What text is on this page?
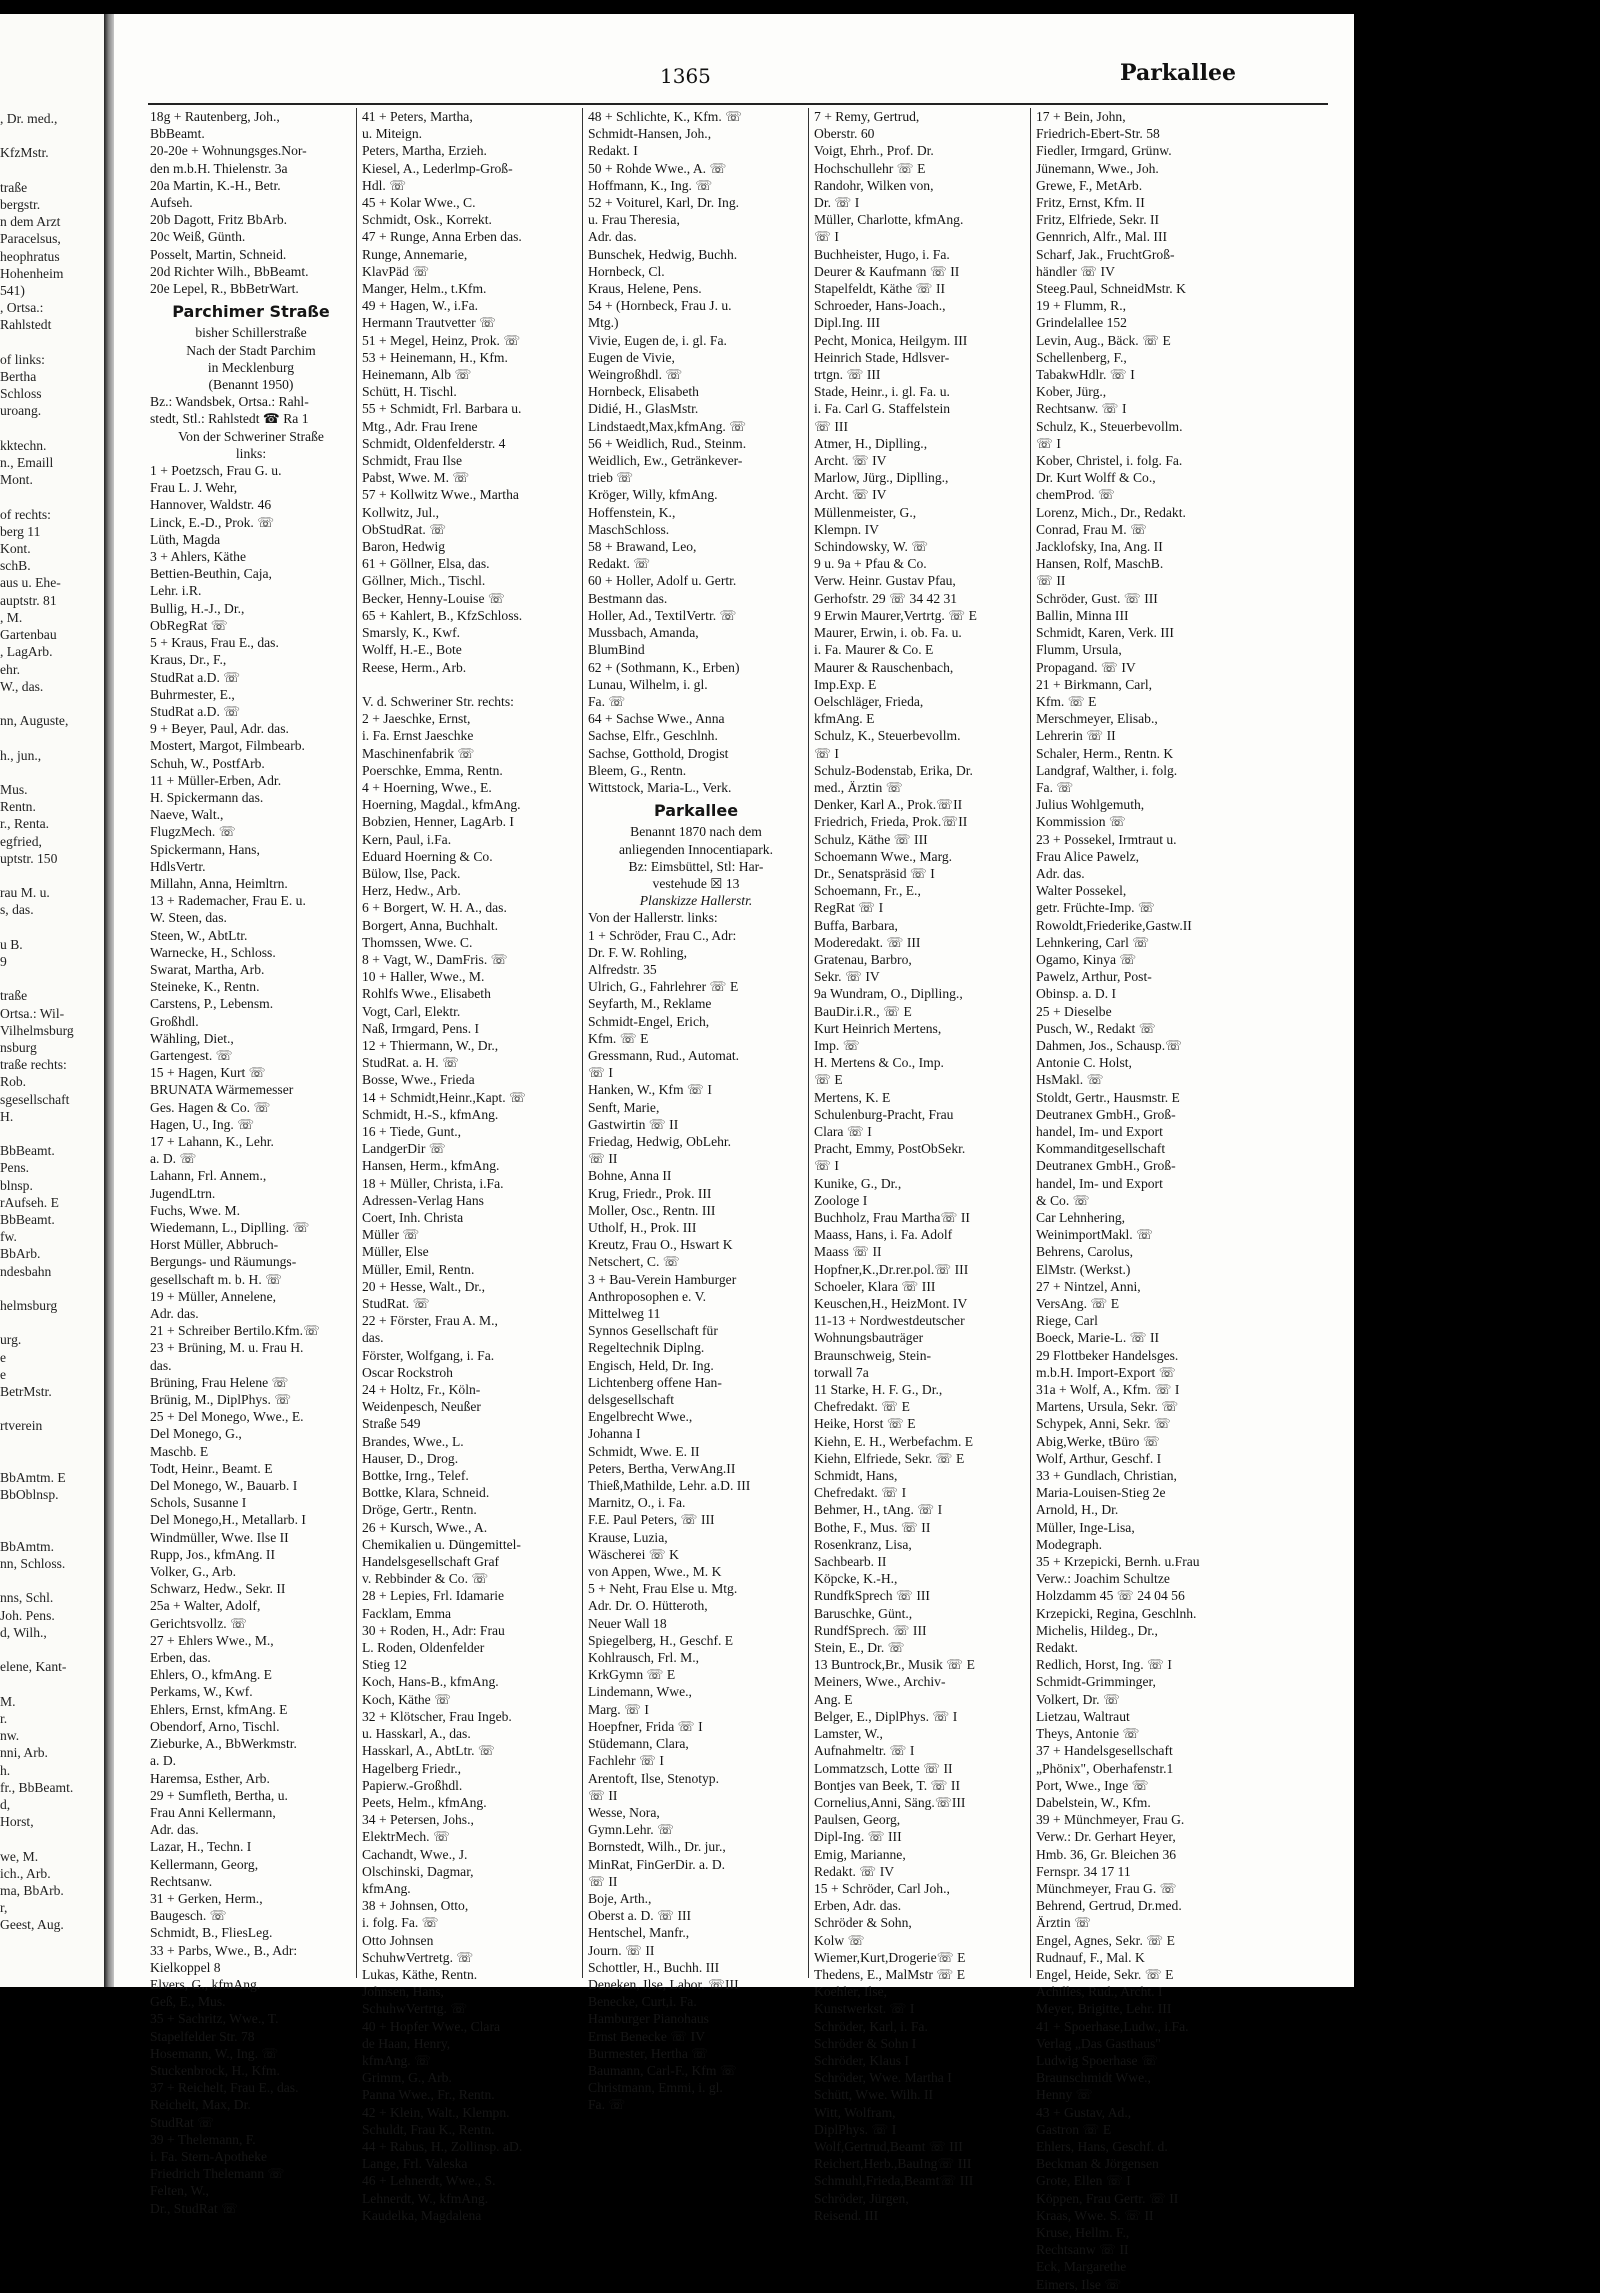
, Dr. med.,

KfzMstr.

traße
bergstr.
n dem Arzt
Paracelsus,
heophratus
Hohenheim
541)
, Ortsa.:
Rahlstedt

of links:
Bertha
Schloss
uroang.

kktechn.
n., Emaill
Mont.

of rechts:
berg 11
Kont.
schB.
aus u. Ehe-
auptstr. 81
, M.
Gartenbau
, LagArb.
ehr.
W., das.

nn, Auguste,

h., jun.,

Mus.
Rentn.
r., Renta.
egfried,
uptstr. 150

rau M. u.
s, das.

u B.
9

traße
Ortsa.: Wil-
Vilhelmsburg
nsburg
traße rechts:
Rob.
sgesellschaft
H.

BbBeamt.
Pens.
blnsp.
rAufseh. E
BbBeamt.
fw.
BbArb.
ndesbahn

helmsburg

urg.
e
e
BetrMstr.

rtverein

BbAmtm. E
BbOblnsp.

BbAmtm.
nn, Schloss.

nns, Schl.
Joh. Pens.
d, Wilh.,

elene, Kant-

M.
r.
nw.
nni, Arb.
h.
fr., BbBeamt.
d,
Horst,

we, M.
ich., Arb.
ma, BbArb.
r,
Geest, Aug.
1365	Parkallee
18g + Rautenberg, Joh.,
BbBeamt.
20-20e + Wohnungsges.Nor-
den m.b.H. Thielenstr. 3a
20a Martin, K.-H., Betr.
Aufseh.
20b Dagott, Fritz BbArb.
20c Weiß, Günth.
Posselt, Martin, Schneid.
20d Richter Wilh., BbBeamt.
20e Lepel, R., BbBetrWart.
Parchimer Straße
bisher Schillerstraße
Nach der Stadt Parchim
in Mecklenburg
(Benannt 1950)
Bz.: Wandsbek, Ortsa.: Rahl-
stedt, Stl.: Rahlstedt ☎ Ra 1
Von der Schweriner Straße
links:
1 + Poetzsch, Frau G. u.
Frau L. J. Wehr,
Hannover, Waldstr. 46
Linck, E.-D., Prok. ☏
Lüth, Magda
3 + Ahlers, Käthe
Bettien-Beuthin, Caja,
Lehr. i.R.
Bullig, H.-J., Dr.,
ObRegRat ☏
5 + Kraus, Frau E., das.
Kraus, Dr., F.,
StudRat a.D. ☏
Buhrmester, E.,
StudRat a.D. ☏
9 + Beyer, Paul, Adr. das.
Mostert, Margot, Filmbearb.
Schuh, W., PostfArb.
11 + Müller-Erben, Adr.
H. Spickermann das.
Naeve, Walt.,
FlugzMech. ☏
Spickermann, Hans,
HdlsVertr.
Millahn, Anna, Heimltrn.
13 + Rademacher, Frau E. u.
W. Steen, das.
Steen, W., AbtLtr.
Warnecke, H., Schloss.
Swarat, Martha, Arb.
Steineke, K., Rentn.
Carstens, P., Lebensm.
Großhdl.
Wähling, Diet.,
Gartengest. ☏
15 + Hagen, Kurt ☏
BRUNATA Wärmemesser
Ges. Hagen & Co. ☏
Hagen, U., Ing. ☏
17 + Lahann, K., Lehr.
a. D. ☏
Lahann, Frl. Annem.,
JugendLtrn.
Fuchs, Wwe. M.
Wiedemann, L., Diplling. ☏
Horst Müller, Abbruch-
Bergungs- und Räumungs-
gesellschaft m. b. H. ☏
19 + Müller, Annelene,
Adr. das.
21 + Schreiber Bertilo.Kfm.☏
23 + Brüning, M. u. Frau H.
das.
Brüning, Frau Helene ☏
Brünig, M., DiplPhys. ☏
25 + Del Monego, Wwe., E.
Del Monego, G.,
Maschb. E
Todt, Heinr., Beamt. E
Del Monego, W., Bauarb. I
Schols, Susanne I
Del Monego,H., Metallarb. I
Windmüller, Wwe. Ilse II
Rupp, Jos., kfmAng. II
Volker, G., Arb.
Schwarz, Hedw., Sekr. II
25a + Walter, Adolf,
Gerichtsvollz. ☏
27 + Ehlers Wwe., M.,
Erben, das.
Ehlers, O., kfmAng. E
Perkams, W., Kwf.
Ehlers, Ernst, kfmAng. E
Obendorf, Arno, Tischl.
Zieburke, A., BbWerkmstr.
a. D.
Haremsa, Esther, Arb.
29 + Sumfleth, Bertha, u.
Frau Anni Kellermann,
Adr. das.
Lazar, H., Techn. I
Kellermann, Georg,
Rechtsanw.
31 + Gerken, Herm.,
Baugesch. ☏
Schmidt, B., FliesLeg.
33 + Parbs, Wwe., B., Adr:
Kielkoppel 8
Elvers, G., kfmAng.
Geß, E., Mus.
35 + Sachritz, Wwe., T.
Stapelfelder Str. 78
Hosemann, W., Ing. ☏
Stuckenbrock, H., Kfm.
37 + Reichelt, Frau E., das.
Reichelt, Max, Dr.
StudRat ☏
39 + Thelemann, F.
i. Fa. Stern-Apotheke
Friedrich Thelemann ☏
Felten, W.,
Dr., StudRat ☏
41 + Peters, Martha,
u. Miteign.
Peters, Martha, Erzieh.
Kiesel, A., Lederlmp-Groß-
Hdl. ☏
45 + Kolar Wwe., C.
Schmidt, Osk., Korrekt.
47 + Runge, Anna Erben das.
Runge, Annemarie,
KlavPäd ☏
Manger, Helm., t.Kfm.
49 + Hagen, W., i.Fa.
Hermann Trautvetter ☏
51 + Megel, Heinz, Prok. ☏
53 + Heinemann, H., Kfm.
Heinemann, Alb ☏
Schütt, H. Tischl.
55 + Schmidt, Frl. Barbara u.
Mtg., Adr. Frau Irene
Schmidt, Oldenfelderstr. 4
Schmidt, Frau Ilse
Pabst, Wwe. M. ☏
57 + Kollwitz Wwe., Martha
Kollwitz, Jul.,
ObStudRat. ☏
Baron, Hedwig
61 + Göllner, Elsa, das.
Göllner, Mich., Tischl.
Becker, Henny-Louise ☏
65 + Kahlert, B., KfzSchloss.
Smarsly, K., Kwf.
Wolff, H.-E., Bote
Reese, Herm., Arb.

V. d. Schweriner Str. rechts:
2 + Jaeschke, Ernst,
i. Fa. Ernst Jaeschke
Maschinenfabrik ☏
Poerschke, Emma, Rentn.
4 + Hoerning, Wwe., E.
Hoerning, Magdal., kfmAng.
Bobzien, Henner, LagArb. I
Kern, Paul, i.Fa.
Eduard Hoerning & Co.
Bülow, Ilse, Pack.
Herz, Hedw., Arb.
6 + Borgert, W. H. A., das.
Borgert, Anna, Buchhalt.
Thomssen, Wwe. C.
8 + Vagt, W., DamFris. ☏
10 + Haller, Wwe., M.
Rohlfs Wwe., Elisabeth
Vogt, Carl, Elektr.
Naß, Irmgard, Pens. I
12 + Thiermann, W., Dr.,
StudRat. a. H. ☏
Bosse, Wwe., Frieda
14 + Schmidt,Heinr.,Kapt. ☏
Schmidt, H.-S., kfmAng.
16 + Tiede, Gunt.,
LandgerDir ☏
Hansen, Herm., kfmAng.
18 + Müller, Christa, i.Fa.
Adressen-Verlag Hans
Coert, Inh. Christa
Müller ☏
Müller, Else
Müller, Emil, Rentn.
20 + Hesse, Walt., Dr.,
StudRat. ☏
22 + Förster, Frau A. M.,
das.
Förster, Wolfgang, i. Fa.
Oscar Rockstroh
24 + Holtz, Fr., Köln-
Weidenpesch, Neußer
Straße 549
Brandes, Wwe., L.
Hauser, D., Drog.
Bottke, Irng., Telef.
Bottke, Klara, Schneid.
Dröge, Gertr., Rentn.
26 + Kursch, Wwe., A.
Chemikalien u. Düngemittel-
Handelsgesellschaft Graf
v. Rebbinder & Co. ☏
28 + Lepies, Frl. Idamarie
Facklam, Emma
30 + Roden, H., Adr: Frau
L. Roden, Oldenfelder
Stieg 12
Koch, Hans-B., kfmAng.
Koch, Käthe ☏
32 + Klötscher, Frau Ingeb.
u. Hasskarl, A., das.
Hasskarl, A., AbtLtr. ☏
Hagelberg Friedr.,
Papierw.-Großhdl.
Peets, Helm., kfmAng.
34 + Petersen, Johs.,
ElektrMech. ☏
Cachandt, Wwe., J.
Olschinski, Dagmar,
kfmAng.
38 + Johnsen, Otto,
i. folg. Fa. ☏
Otto Johnsen
SchuhwVertretg. ☏
Lukas, Käthe, Rentn.
Johnsen, Hans,
SchuhwVertrtg. ☏
40 + Hopfer Wwe., Clara
de Haan, Henry,
kfmAng. ☏
Grimm, G., Arb.
Panna Wwe., Fr., Rentn.
42 + Klein, Walt., Klempn.
Schuldt, Frau K., Rentn.
44 + Rabus, H., Zollinsp. aD.
Lange, Frl. Valeska
46 + Lehnerdt, Wwe., S.
Lehnerdt, W., kfmAng.
Kaudelka, Magdalena
48 + Schlichte, K., Kfm. ☏
Schmidt-Hansen, Joh.,
Redakt. I
50 + Rohde Wwe., A. ☏
Hoffmann, K., Ing. ☏
52 + Voiturel, Karl, Dr. Ing.
u. Frau Theresia,
Adr. das.
Bunschek, Hedwig, Buchh.
Hornbeck, Cl.
Kraus, Helene, Pens.
54 + (Hornbeck, Frau J. u.
Mtg.)
Vivie, Eugen de, i. gl. Fa.
Eugen de Vivie,
Weingroßhdl. ☏
Hornbeck, Elisabeth
Didié, H., GlasMstr.
Lindstaedt,Max,kfmAng. ☏
56 + Weidlich, Rud., Steinm.
Weidlich, Ew., Getränkever-
trieb ☏
Kröger, Willy, kfmAng.
Hoffenstein, K.,
MaschSchloss.
58 + Brawand, Leo,
Redakt. ☏
60 + Holler, Adolf u. Gertr.
Bestmann das.
Holler, Ad., TextilVertr. ☏
Mussbach, Amanda,
BlumBind
62 + (Sothmann, K., Erben)
Lunau, Wilhelm, i. gl.
Fa. ☏
64 + Sachse Wwe., Anna
Sachse, Elfr., Geschlnh.
Sachse, Gotthold, Drogist
Bleem, G., Rentn.
Wittstock, Maria-L., Verk.
Parkallee
Benannt 1870 nach dem
anliegenden Innocentiapark.
Bz: Eimsbüttel, Stl: Har-
vestehude ☒ 13
Planskizze Hallerstr.
Von der Hallerstr. links:
1 + Schröder, Frau C., Adr:
Dr. F. W. Rohling,
Alfredstr. 35
Ulrich, G., Fahrlehrer ☏ E
Seyfarth, M., Reklame
Schmidt-Engel, Erich,
Kfm. ☏ E
Gressmann, Rud., Automat.
☏ I
Hanken, W., Kfm ☏ I
Senft, Marie,
Gastwirtin ☏ II
Friedag, Hedwig, ObLehr.
☏ II
Bohne, Anna II
Krug, Friedr., Prok. III
Moller, Osc., Rentn. III
Utholf, H., Prok. III
Kreutz, Frau O., Hswart K
Netschert, C. ☏
3 + Bau-Verein Hamburger
Anthroposophen e. V.
Mittelweg 11
Synnos Gesellschaft für
Regeltechnik Diplng.
Engisch, Held, Dr. Ing.
Lichtenberg offene Han-
delsgesellschaft
Engelbrecht Wwe.,
Johanna I
Schmidt, Wwe. E. II
Peters, Bertha, VerwAng.II
Thieß,Mathilde, Lehr. a.D. III
Marnitz, O., i. Fa.
F.E. Paul Peters, ☏ III
Krause, Luzia,
Wäscherei ☏ K
von Appen, Wwe., M. K
5 + Neht, Frau Else u. Mtg.
Adr. Dr. O. Hütteroth,
Neuer Wall 18
Spiegelberg, H., Geschf. E
Kohlrausch, Frl. M.,
KrkGymn ☏ E
Lindemann, Wwe.,
Marg. ☏ I
Hoepfner, Frida ☏ I
Stüdemann, Clara,
Fachlehr ☏ I
Arentoft, Ilse, Stenotyp.
☏ II
Wesse, Nora,
Gymn.Lehr. ☏
Bornstedt, Wilh., Dr. jur.,
MinRat, FinGerDir. a. D.
☏ II
Boje, Arth.,
Oberst a. D. ☏ III
Hentschel, Manfr.,
Journ. ☏ II
Schottler, H., Buchh. III
Deneken, Ilse, Labor. ☏III
Benecke, Curt,i. Fa.
Hamburger Pianohaus
Ernst Benecke ☏ IV
Burmester, Hertha ☏
Baumann, Carl-F., Kfm ☏
Christmann, Emmi, i. gl.
Fa. ☏
7 + Remy, Gertrud,
Oberstr. 60
Voigt, Ehrh., Prof. Dr.
Hochschullehr ☏ E
Randohr, Wilken von,
Dr. ☏ I
Müller, Charlotte, kfmAng.
☏ I
Buchheister, Hugo, i. Fa.
Deurer & Kaufmann ☏ II
Stapelfeldt, Käthe ☏ II
Schroeder, Hans-Joach.,
Dipl.Ing. III
Pecht, Monica, Heilgym. III
Heinrich Stade, Hdlsver-
trtgn. ☏ III
Stade, Heinr., i. gl. Fa. u.
i. Fa. Carl G. Staffelstein
☏ III
Atmer, H., Diplling.,
Archt. ☏ IV
Marlow, Jürg., Diplling.,
Archt. ☏ IV
Müllenmeister, G.,
Klempn. IV
Schindowsky, W. ☏
9 u. 9a + Pfau & Co.
Verw. Heinr. Gustav Pfau,
Gerhofstr. 29 ☏ 34 42 31
9 Erwin Maurer,Vertrtg. ☏ E
Maurer, Erwin, i. ob. Fa. u.
i. Fa. Maurer & Co. E
Maurer & Rauschenbach,
Imp.Exp. E
Oelschläger, Frieda,
kfmAng. E
Schulz, K., Steuerbevollm.
☏ I
Schulz-Bodenstab, Erika, Dr.
med., Ärztin ☏
Denker, Karl A., Prok.☏II
Friedrich, Frieda, Prok.☏II
Schulz, Käthe ☏ III
Schoemann Wwe., Marg.
Dr., Senatspräsid ☏ I
Schoemann, Fr., E.,
RegRat ☏ I
Buffa, Barbara,
Moderedakt. ☏ III
Gratenau, Barbro,
Sekr. ☏ IV
9a Wundram, O., Diplling.,
BauDir.i.R., ☏ E
Kurt Heinrich Mertens,
Imp. ☏
H. Mertens & Co., Imp.
☏ E
Mertens, K. E
Schulenburg-Pracht, Frau
Clara ☏ I
Pracht, Emmy, PostObSekr.
☏ I
Kunike, G., Dr.,
Zoologe I
Buchholz, Frau Martha☏ II
Maass, Hans, i. Fa. Adolf
Maass ☏ II
Hopfner,K.,Dr.rer.pol.☏ III
Schoeler, Klara ☏ III
Keuschen,H., HeizMont. IV
11-13 + Nordwestdeutscher
Wohnungsbauträger
Braunschweig, Stein-
torwall 7a
11 Starke, H. F. G., Dr.,
Chefredakt. ☏ E
Heike, Horst ☏ E
Kiehn, E. H., Werbefachm. E
Kiehn, Elfriede, Sekr. ☏ E
Schmidt, Hans,
Chefredakt. ☏ I
Behmer, H., tAng. ☏ I
Bothe, F., Mus. ☏ II
Rosenkranz, Lisa,
Sachbearb. II
Köpcke, K.-H.,
RundfkSprech ☏ III
Baruschke, Günt.,
RundfSprech. ☏ III
Stein, E., Dr. ☏
13 Buntrock,Br., Musik ☏ E
Meiners, Wwe., Archiv-
Ang. E
Belger, E., DiplPhys. ☏ I
Lamster, W.,
Aufnahmeltr. ☏ I
Lommatzsch, Lotte ☏ II
Bontjes van Beek, T. ☏ II
Cornelius,Anni, Säng.☏III
Paulsen, Georg,
Dipl-Ing. ☏ III
Emig, Marianne,
Redakt. ☏ IV
15 + Schröder, Carl Joh.,
Erben, Adr. das.
Schröder & Sohn,
Kolw ☏
Wiemer,Kurt,Drogerie☏ E
Thedens, E., MalMstr ☏ E
Koehler, Ilse,
Kunstwerkst. ☏ I
Schröder, Karl, i. Fa.
Schröder & Sohn I
Schröder, Klaus I
Schröder, Wwe. Martha I
Schütt, Wwe. Wilh. II
Witt, Wolfram,
DiplPhys. ☏ I
Wolf,Gertrud,Beamt ☏ III
Reichert,Herb.,BauIng☏ III
Schmuhl,Frieda,Beamt☏ III
Schröder, Jürgen,
Reisend. III
17 + Bein, John,
Friedrich-Ebert-Str. 58
Fiedler, Irmgard, Grünw.
Jünemann, Wwe., Joh.
Grewe, F., MetArb.
Fritz, Ernst, Kfm. II
Fritz, Elfriede, Sekr. II
Gennrich, Alfr., Mal. III
Scharf, Jak., FruchtGroß-
händler ☏ IV
Steeg.Paul, SchneidMstr. K
19 + Flumm, R.,
Grindelallee 152
Levin, Aug., Bäck. ☏ E
Schellenberg, F.,
TabakwHdlr. ☏ I
Kober, Jürg.,
Rechtsanw. ☏ I
Schulz, K., Steuerbevollm.
☏ I
Kober, Christel, i. folg. Fa.
Dr. Kurt Wolff & Co.,
chemProd. ☏
Lorenz, Mich., Dr., Redakt.
Conrad, Frau M. ☏
Jacklofsky, Ina, Ang. II
Hansen, Rolf, MaschB.
☏ II
Schröder, Gust. ☏ III
Ballin, Minna III
Schmidt, Karen, Verk. III
Flumm, Ursula,
Propagand. ☏ IV
21 + Birkmann, Carl,
Kfm. ☏ E
Merschmeyer, Elisab.,
Lehrerin ☏ II
Schaler, Herm., Rentn. K
Landgraf, Walther, i. folg.
Fa. ☏
Julius Wohlgemuth,
Kommission ☏
23 + Possekel, Irmtraut u.
Frau Alice Pawelz,
Adr. das.
Walter Possekel,
getr. Früchte-Imp. ☏
Rowoldt,Friederike,Gastw.II
Lehnkering, Carl ☏
Ogamo, Kinya ☏
Pawelz, Arthur, Post-
Obinsp. a. D. I
25 + Dieselbe
Pusch, W., Redakt ☏
Dahmen, Jos., Schausp.☏
Antonie C. Holst,
HsMakl. ☏
Stoldt, Gertr., Hausmstr. E
Deutranex GmbH., Groß-
handel, Im- und Export
Kommanditgesellschaft
Deutranex GmbH., Groß-
handel, Im- und Export
& Co. ☏
Car Lehnhering,
WeinimportMakl. ☏
Behrens, Carolus,
ElMstr. (Werkst.)
27 + Nintzel, Anni,
VersAng. ☏ E
Riege, Carl
Boeck, Marie-L. ☏ II
29 Flottbeker Handelsges.
m.b.H. Import-Export ☏
31a + Wolf, A., Kfm. ☏ I
Martens, Ursula, Sekr. ☏
Schypek, Anni, Sekr. ☏
Abig,Werke, tBüro ☏
Wolf, Arthur, Geschf. I
33 + Gundlach, Christian,
Maria-Louisen-Stieg 2e
Arnold, H., Dr.
Müller, Inge-Lisa,
Modegraph.
35 + Krzepicki, Bernh. u.Frau
Verw.: Joachim Schultze
Holzdamm 45 ☏ 24 04 56
Krzepicki, Regina, Geschlnh.
Michelis, Hildeg., Dr.,
Redakt.
Redlich, Horst, Ing. ☏ I
Schmidt-Grimminger,
Volkert, Dr. ☏
Lietzau, Waltraut
Theys, Antonie ☏
37 + Handelsgesellschaft
„Phönix", Oberhafenstr.1
Port, Wwe., Inge ☏
Dabelstein, W., Kfm.
39 + Münchmeyer, Frau G.
Verw.: Dr. Gerhart Heyer,
Hmb. 36, Gr. Bleichen 36
Fernspr. 34 17 11
Münchmeyer, Frau G. ☏
Behrend, Gertrud, Dr.med.
Ärztin ☏
Engel, Agnes, Sekr. ☏ E
Rudnauf, F., Mal. K
Engel, Heide, Sekr. ☏ E
Achilles, Rud., Archt. I
Meyer, Brigitte, Lehr. III
41 + Spoerhase,Ludw., i.Fa.
Verlag „Das Gasthaus"
Ludwig Spoerhase ☏
Braunschmidt Wwe.,
Henny ☏
43 + Gustav, Ad.,
Gastron ☏ E
Ehlers, Hans, Geschf. d.
Beckman & Jörgensen
Grote, Ellen ☏ I
Köppen, Frau Gertr. ☏ II
Kraas, Wwe. S. ☏ II
Kruse, Hellm. F.,
Rechtsanw ☏ II
Eck, Margarethe
Eimers, Ilse ☏
